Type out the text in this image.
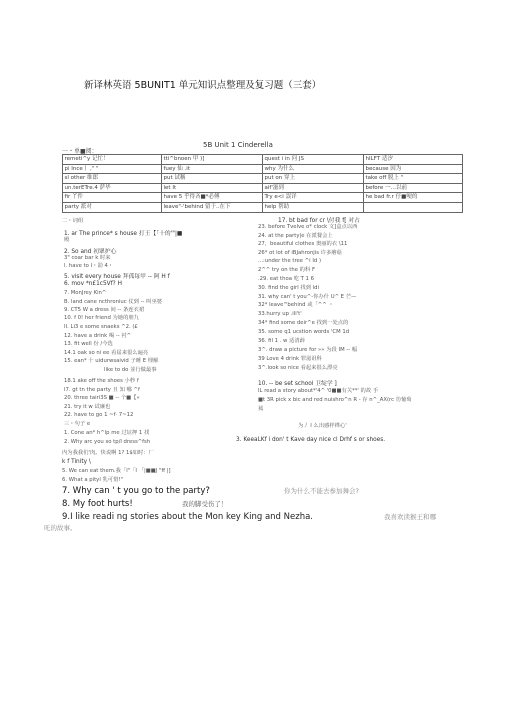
新译林英语 5BUNIT1 单元知识点整理及复习题（三套）
5B Unit 1 Cinderella
一・单■阅：
remeti^y 记忙！	tti^bnoen 甲 )]	quest i in 问 JS	hILFT 适汐
pi Ince丨 ," "	fuey 仙 .it	why 为什么	because 因为
sl other 维郎	put 试稱	put on 穿上	take off 脱上 "
un.terETre.4 萨毕	let It	aif'滋到	before 一…以前
fir 丫件	have 5 乎得吝■*必傅	Try e<i 誤详	he bad fr.r 仔■哽的
party 派对	leave"-'behind 留于..在下	help 帮助	
二・词组
1. ar The prince* s house 打王【「十的'"|■
殿
2. So and 初眾护心
3" coar bar k 时来
I. have to I・劭 4・
5. visit every house 拜孤毎甲 -- 阿 H f
6. mov *n£1c5Vf? H
7. MonJrey Kin^
B. land cane ncthroniuc 仗到 -- 叫巫婆
9. CT5 W a dress 间 -- 条连衣裙
10. f 0! her friend 为她的朋九
II. Li3 e some snaeks ^2. (£
12. have a drink 喝 -- 衬^
13. fit well 份 /今选
14.1 oak so ni ee 看届来很么遍亮
15. ean* 十 uidurwsaivid 子睡 E 埋解
like to do 並行做最事
18.1 ake off the shoes 小秒 f
I7. gt tn the party 且 知 哪 ^f
20. three tairi3S ■ -- 个■【«
21. try it w 试廉也
22. have to go 1 ~f· 7~12
三・句子 e
1. Cone an* h^lp me 过证押 1 找
2. Why arc you so tp/l dress^fsh
内为我我们'肉。快说啊 1? 1$如时：厂
k f Tinity \
5. We can eat them.我「l"「I 「|■■J "ff |]
6. What a pityl 乳可惜!"
17. bt bad for cr \付我 f[ 对占
23. before Tvelve o* clock 文]盒点以西
24. at the party|e 在派餐会上
27，beautiful clothes 奥丽的衣 \11
26* ot lot of iBJahronjis 许多蘑菇
...:under the tree ^i Id )
2^^ try on the 的科 F
.29. eat thoa 吃 T 1 6
30. find the girl 找到 ldi
31. why can' t you^-你办什 U^ E 芒—
32* leave"'behind 或「^^ ・
33.hurry up .ili't'
34* find some deir^e 找到一处点的
35. some q1 ucstion words 'CM 1d
36. fil 1 . w 适清薜
3^. draw a picture for »» 为段 IM -- 幅
39 Love 4 drink 罪滋诅科
3^.look so nice 看起来很么漂亮
10. -- be set school 卫绽学 ]
IL read a story about*'4^ '0■■有关**' 的故 手
■t 3R pick x bic and red nuishro^n R - 存 n^_AX(rc 彷葡萄
菰
为丿 I 么出感样桦心'
3. KeeaLKf i don' t Kave day nice cl Drhf s or shoes.
7. Why can ' t you go to the party?	你为什么不能去参加舞会?
8. My foot hurts!	我的脚受伤了！
9.I like readi ng stories about the Mon key King and Nezha.	我喜欢读猴王和哪
吒的故事。
